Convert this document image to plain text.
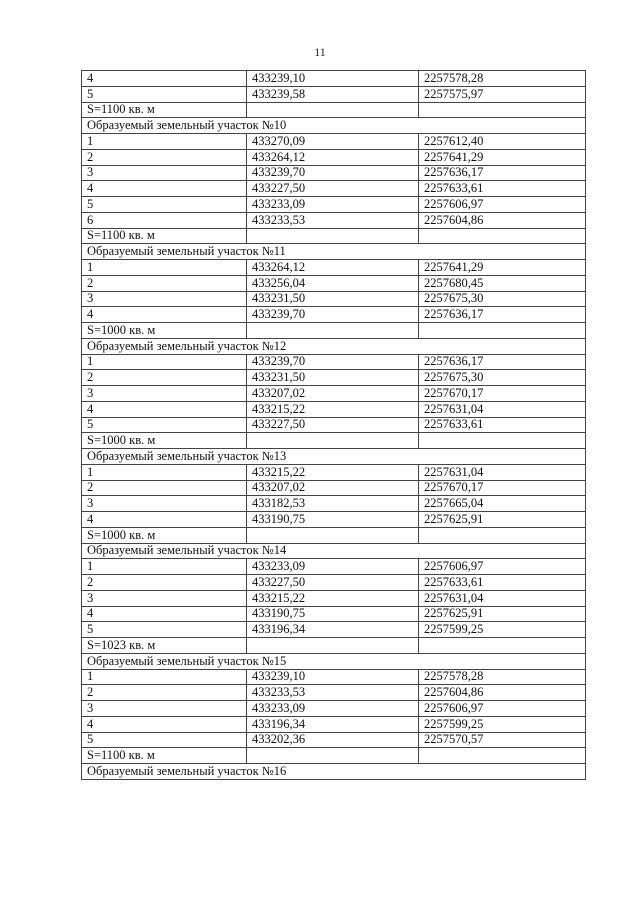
11
4	433239,10	2257578,28
5	433239,58	2257575,97
S=1100 кв. м		
Образуемый земельный участок №10		
1	433270,09	2257612,40
2	433264,12	2257641,29
3	433239,70	2257636,17
4	433227,50	2257633,61
5	433233,09	2257606,97
6	433233,53	2257604,86
S=1100 кв. м		
Образуемый земельный участок №11		
1	433264,12	2257641,29
2	433256,04	2257680,45
3	433231,50	2257675,30
4	433239,70	2257636,17
S=1000 кв. м		
Образуемый земельный участок №12		
1	433239,70	2257636,17
2	433231,50	2257675,30
3	433207,02	2257670,17
4	433215,22	2257631,04
5	433227,50	2257633,61
S=1000 кв. м		
Образуемый земельный участок №13		
1	433215,22	2257631,04
2	433207,02	2257670,17
3	433182,53	2257665,04
4	433190,75	2257625,91
S=1000 кв. м		
Образуемый земельный участок №14		
1	433233,09	2257606,97
2	433227,50	2257633,61
3	433215,22	2257631,04
4	433190,75	2257625,91
5	433196,34	2257599,25
S=1023 кв. м		
Образуемый земельный участок №15		
1	433239,10	2257578,28
2	433233,53	2257604,86
3	433233,09	2257606,97
4	433196,34	2257599,25
5	433202,36	2257570,57
S=1100 кв. м		
Образуемый земельный участок №16		
